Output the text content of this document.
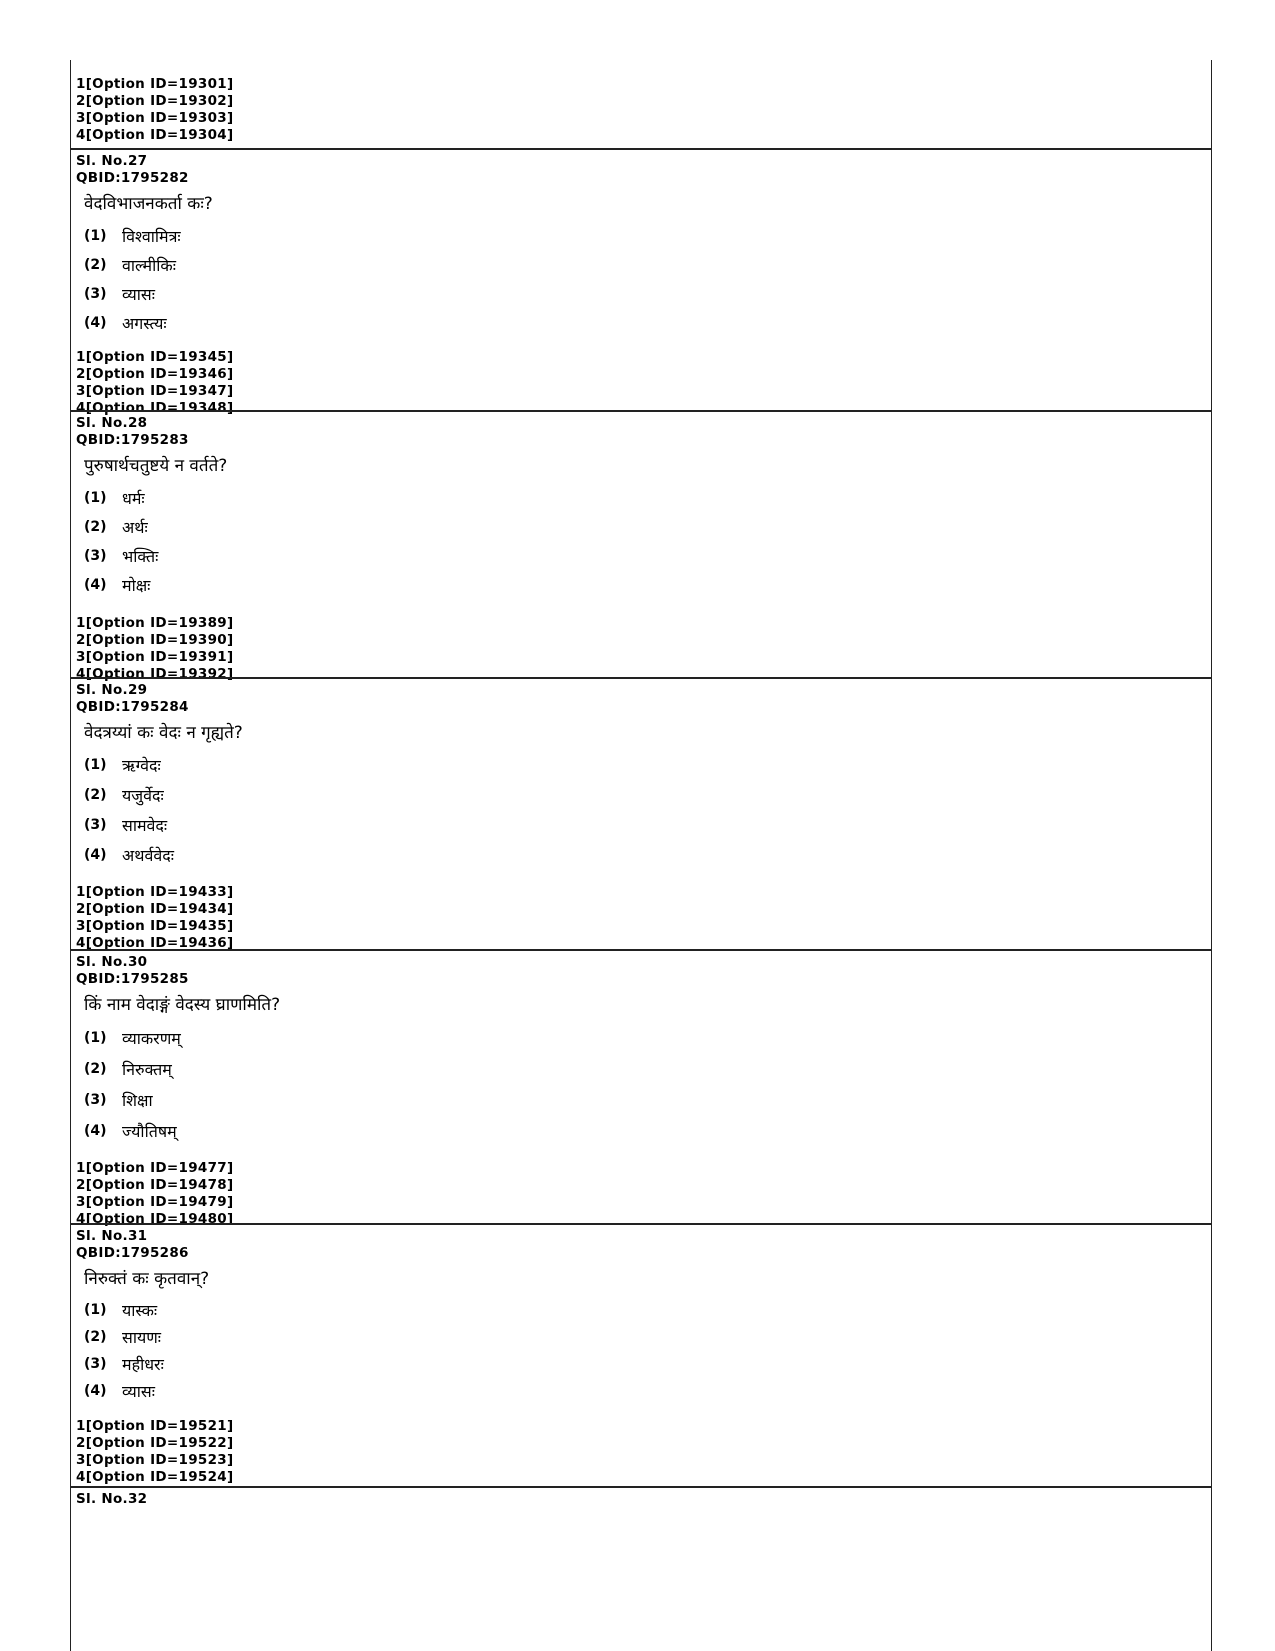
1[Option ID=19301]
2[Option ID=19302]
3[Option ID=19303]
4[Option ID=19304]
Sl. No.27
QBID:1795282
वेदविभाजनकर्ता कः?
(1) विश्वामित्रः
(2) वाल्मीकिः
(3) व्यासः
(4) अगस्त्यः
1[Option ID=19345]
2[Option ID=19346]
3[Option ID=19347]
4[Option ID=19348]
Sl. No.28
QBID:1795283
पुरुषार्थचतुष्टये न वर्तते?
(1) धर्मः
(2) अर्थः
(3) भक्तिः
(4) मोक्षः
1[Option ID=19389]
2[Option ID=19390]
3[Option ID=19391]
4[Option ID=19392]
Sl. No.29
QBID:1795284
वेदत्रय्यां कः वेदः न गृह्यते?
(1) ऋग्वेदः
(2) यजुर्वेदः
(3) सामवेदः
(4) अथर्ववेदः
1[Option ID=19433]
2[Option ID=19434]
3[Option ID=19435]
4[Option ID=19436]
Sl. No.30
QBID:1795285
किं नाम वेदाङ्गं वेदस्य घ्राणमिति?
(1) व्याकरणम्
(2) निरुक्तम्
(3) शिक्षा
(4) ज्यौतिषम्
1[Option ID=19477]
2[Option ID=19478]
3[Option ID=19479]
4[Option ID=19480]
Sl. No.31
QBID:1795286
निरुक्तं कः कृतवान्?
(1) यास्कः
(2) सायणः
(3) महीधरः
(4) व्यासः
1[Option ID=19521]
2[Option ID=19522]
3[Option ID=19523]
4[Option ID=19524]
Sl. No.32
